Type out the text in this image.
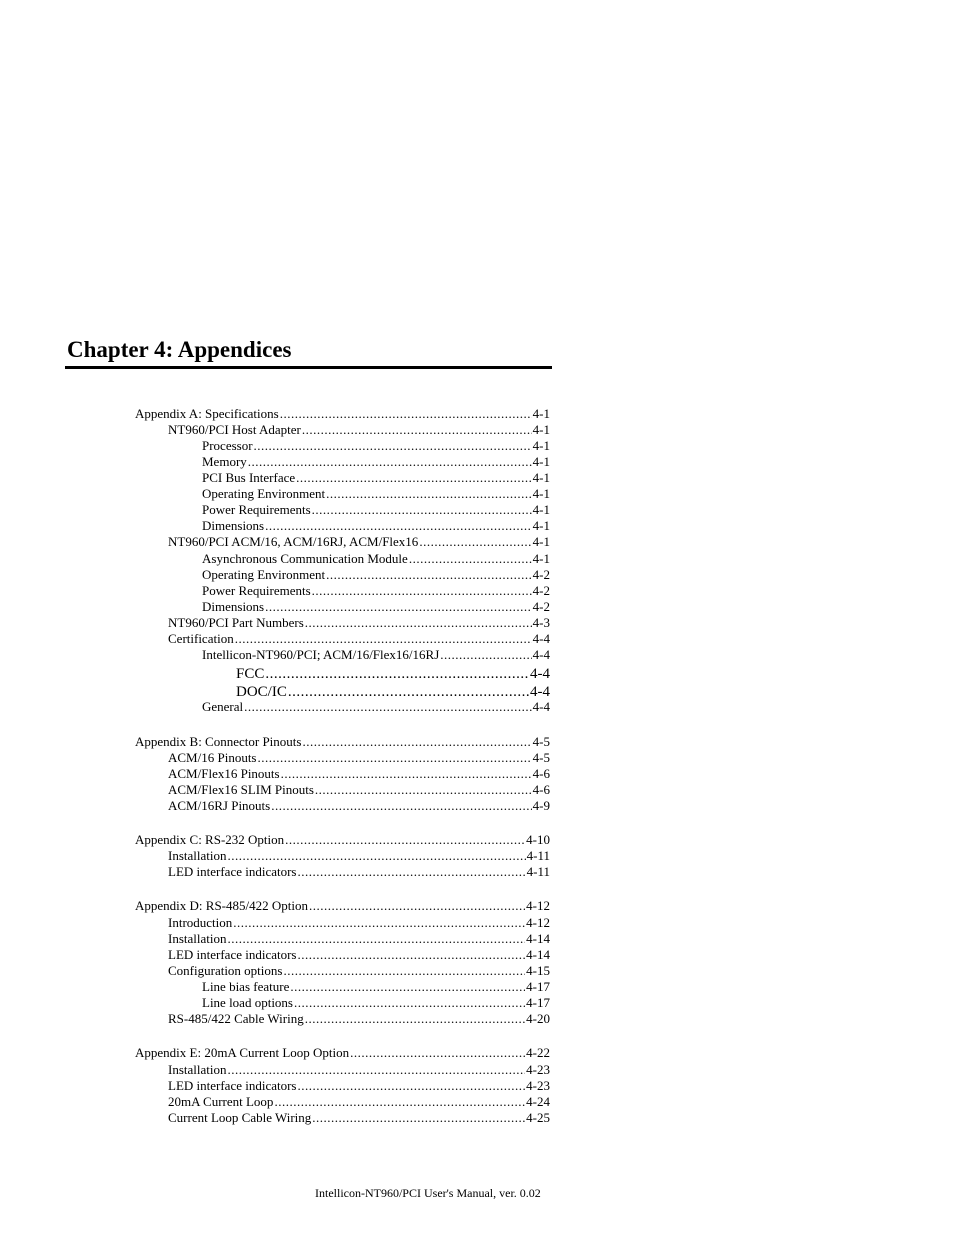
Chapter 4: Appendices
Appendix A: Specifications .....	4-1
NT960/PCI Host Adapter .....	4-1
Processor .....	4-1
Memory .....	4-1
PCI Bus Interface .....	4-1
Operating Environment .....	4-1
Power Requirements .....	4-1
Dimensions .....	4-1
NT960/PCI ACM/16, ACM/16RJ, ACM/Flex16 .....	4-1
Asynchronous Communication Module .....	4-1
Operating Environment .....	4-2
Power Requirements .....	4-2
Dimensions .....	4-2
NT960/PCI Part Numbers .....	4-3
Certification .....	4-4
Intellicon-NT960/PCI; ACM/16/Flex16/16RJ .....	4-4
FCC .....	4-4
DOC/IC .....	4-4
General .....	4-4
Appendix B: Connector Pinouts .....	4-5
ACM/16 Pinouts .....	4-5
ACM/Flex16 Pinouts .....	4-6
ACM/Flex16 SLIM Pinouts .....	4-6
ACM/16RJ Pinouts .....	4-9
Appendix C: RS-232 Option .....	4-10
Installation .....	4-11
LED interface indicators .....	4-11
Appendix D: RS-485/422 Option .....	4-12
Introduction .....	4-12
Installation .....	4-14
LED interface indicators .....	4-14
Configuration options .....	4-15
Line bias feature .....	4-17
Line load options .....	4-17
RS-485/422 Cable Wiring .....	4-20
Appendix E: 20mA Current Loop Option .....	4-22
Installation .....	4-23
LED interface indicators .....	4-23
20mA Current Loop .....	4-24
Current Loop Cable Wiring .....	4-25
Intellicon-NT960/PCI User's Manual, ver. 0.02
